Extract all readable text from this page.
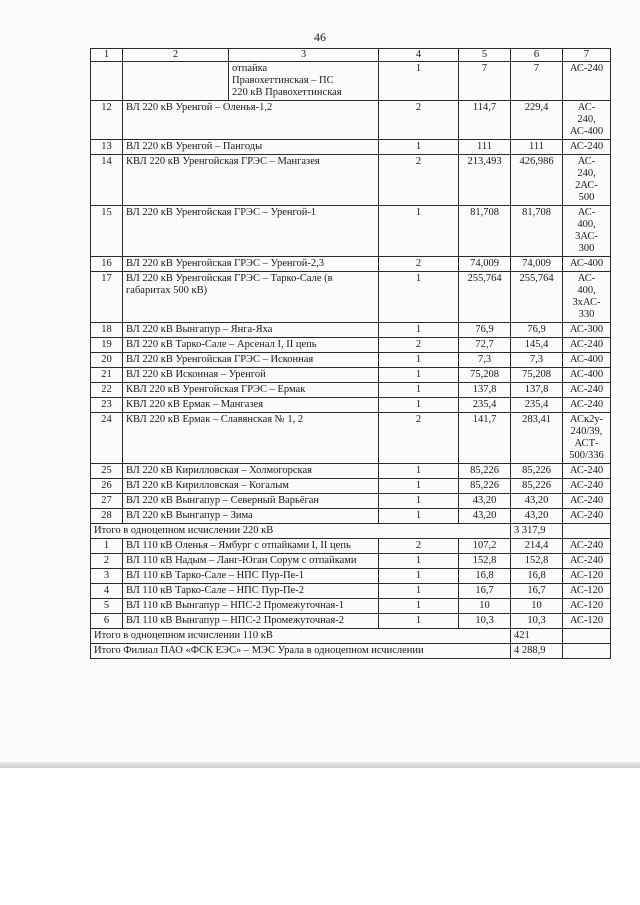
46
1	2	3	4	5	6	7

		отпайка
Правохеттинская – ПС
220 кВ Правохеттинская	1	7	7	АС-240
12	ВЛ 220 кВ Уренгой – Оленья-1,2		2	114,7	229,4	АС-
240,
АС-400

13	ВЛ 220 кВ Уренгой – Пангоды		1	111	111	АС-240

14	КВЛ 220 кВ Уренгойская ГРЭС – Мангазея		2	213,493	426,986	АС-
240,
2АС-
500

15	ВЛ 220 кВ Уренгойская ГРЭС – Уренгой-1		1	81,708	81,708	АС-
400,
3АС-
300

16	ВЛ 220 кВ Уренгойская ГРЭС – Уренгой-2,3		2	74,009	74,009	АС-400

17	ВЛ 220 кВ Уренгойская ГРЭС – Тарко-Сале (в габаритах 500 кВ)		1	255,764	255,764	АС-
400,
3хАС-
330

18	ВЛ 220 кВ Вынгапур – Янга-Яха		1	76,9	76,9	АС-300

19	ВЛ 220 кВ Тарко-Сале – Арсенал I, II цепь		2	72,7	145,4	АС-240

20	ВЛ 220 кВ Уренгойская ГРЭС – Исконная		1	7,3	7,3	АС-400

21	ВЛ 220 кВ Исконная – Уренгой		1	75,208	75,208	АС-400

22	КВЛ 220 кВ Уренгойская ГРЭС – Ермак		1	137,8	137,8	АС-240

23	КВЛ 220 кВ Ермак – Мангазея		1	235,4	235,4	АС-240

24	КВЛ 220 кВ Ермак – Славянская № 1, 2		2	141,7	283,41	АСк2у-
240/39,
АСТ-
500/336

25	ВЛ 220 кВ Кирилловская – Холмогорская		1	85,226	85,226	АС-240

26	ВЛ 220 кВ Кирилловская – Когалым		1	85,226	85,226	АС-240

27	ВЛ 220 кВ Вынгапур – Северный Варьёган		1	43,20	43,20	АС-240

28	ВЛ 220 кВ Вынгапур – Зима		1	43,20	43,20	АС-240

Итого в одноцепном исчислении 220 кВ					3 317,9	
1	ВЛ 110 кВ Оленья – Ямбург с отпайками I, II цепь		2	107,2	214,4	АС-240

2	ВЛ 110 кВ Надым – Ланг-Юган Сорум с отпайками		1	152,8	152,8	АС-240

3	ВЛ 110 кВ Тарко-Сале – НПС Пур-Пе-1		1	16,8	16,8	АС-120

4	ВЛ 110 кВ Тарко-Сале – НПС Пур-Пе-2		1	16,7	16,7	АС-120

5	ВЛ 110 кВ Вынгапур – НПС-2 Промежуточная-1		1	10	10	АС-120

6	ВЛ 110 кВ Вынгапур – НПС-2 Промежуточная-2		1	10,3	10,3	АС-120

Итого в одноцепном исчислении 110 кВ					421	
Итого Филиал ПАО «ФСК ЕЭС» – МЭС Урала в одноцепном исчислении					4 288,9	
